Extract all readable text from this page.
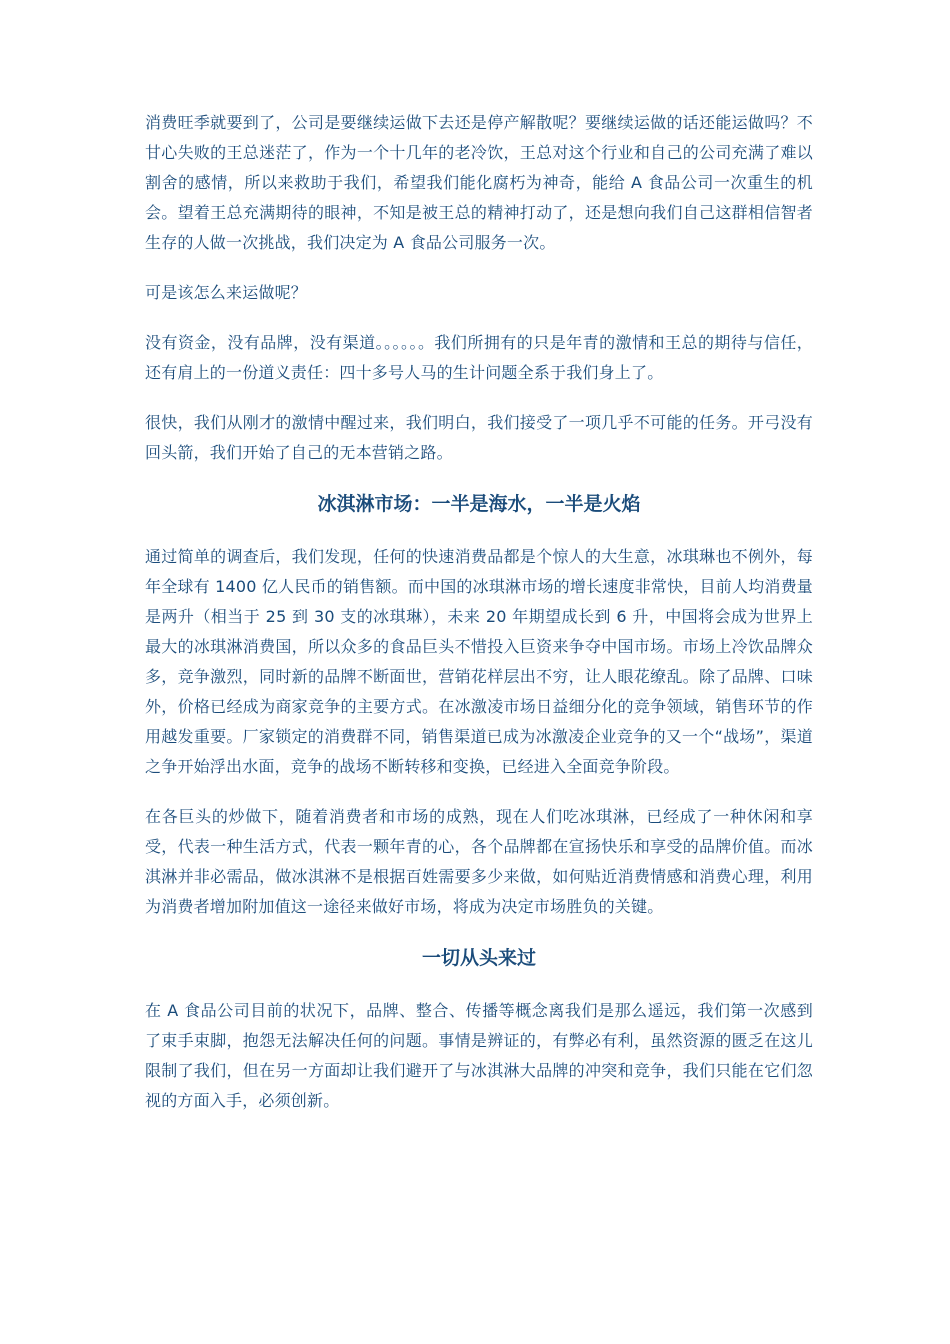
消费旺季就要到了，公司是要继续运做下去还是停产解散呢？要继续运做的话还能运做吗？不甘心失败的王总迷茫了，作为一个十几年的老冷饮，王总对这个行业和自己的公司充满了难以割舍的感情，所以来救助于我们，希望我们能化腐朽为神奇，能给 A 食品公司一次重生的机会。望着王总充满期待的眼神，不知是被王总的精神打动了，还是想向我们自己这群相信智者生存的人做一次挑战，我们决定为 A 食品公司服务一次。

可是该怎么来运做呢？

没有资金，没有品牌，没有渠道。。。。。。我们所拥有的只是年青的激情和王总的期待与信任，还有肩上的一份道义责任：四十多号人马的生计问题全系于我们身上了。

很快，我们从刚才的激情中醒过来，我们明白，我们接受了一项几乎不可能的任务。开弓没有回头箭，我们开始了自己的无本营销之路。

冰淇淋市场：一半是海水，一半是火焰

通过简单的调查后，我们发现，任何的快速消费品都是个惊人的大生意，冰琪琳也不例外，每年全球有 1400 亿人民币的销售额。而中国的冰琪淋市场的增长速度非常快，目前人均消费量是两升（相当于 25 到 30 支的冰琪琳），未来 20 年期望成长到 6 升，中国将会成为世界上最大的冰琪淋消费国，所以众多的食品巨头不惜投入巨资来争夺中国市场。市场上冷饮品牌众多，竞争激烈，同时新的品牌不断面世，营销花样层出不穷，让人眼花缭乱。除了品牌、口味外，价格已经成为商家竞争的主要方式。在冰激凌市场日益细分化的竞争领域，销售环节的作用越发重要。厂家锁定的消费群不同，销售渠道已成为冰激凌企业竞争的又一个“战场”，渠道之争开始浮出水面，竞争的战场不断转移和变换，已经进入全面竞争阶段。

在各巨头的炒做下，随着消费者和市场的成熟，现在人们吃冰琪淋，已经成了一种休闲和享受，代表一种生活方式，代表一颗年青的心，各个品牌都在宣扬快乐和享受的品牌价值。而冰淇淋并非必需品，做冰淇淋不是根据百姓需要多少来做，如何贴近消费情感和消费心理，利用为消费者增加附加值这一途径来做好市场，将成为决定市场胜负的关键。

一切从头来过

在 A 食品公司目前的状况下，品牌、整合、传播等概念离我们是那么遥远，我们第一次感到了束手束脚，抱怨无法解决任何的问题。事情是辨证的，有弊必有利，虽然资源的匮乏在这儿限制了我们，但在另一方面却让我们避开了与冰淇淋大品牌的冲突和竞争，我们只能在它们忽视的方面入手，必须创新。
